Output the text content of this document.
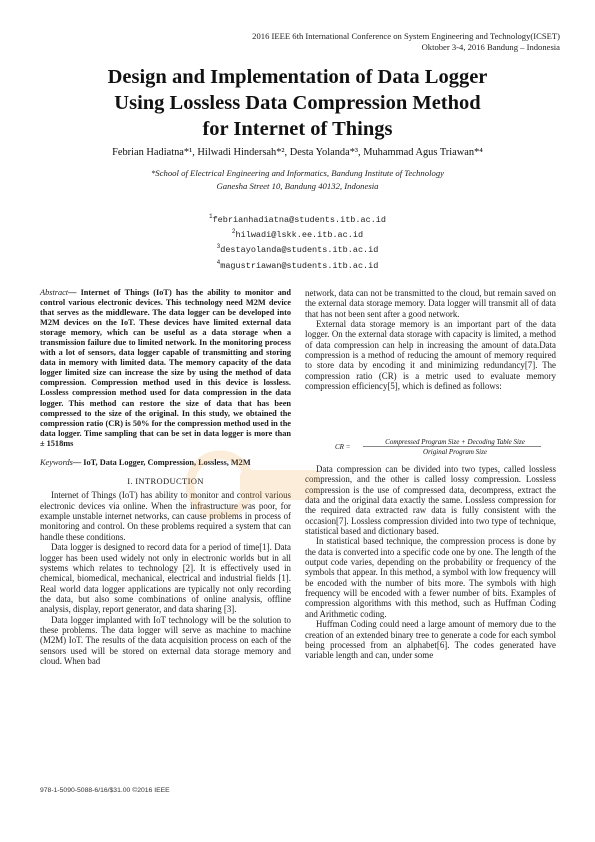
2016 IEEE 6th International Conference on System Engineering and Technology(ICSET)
Oktober 3-4, 2016 Bandung – Indonesia
Design and Implementation of Data Logger
Using Lossless Data Compression Method
for Internet of Things
Febrian Hadiatna*¹, Hilwadi Hindersah*², Desta Yolanda*³, Muhammad Agus Triawan*⁴
*School of Electrical Engineering and Informatics, Bandung Institute of Technology
Ganesha Street 10, Bandung 40132, Indonesia
$^1$febrianhadiatna@students.itb.ac.id
$^2$hilwadi@lskk.ee.itb.ac.id
$^3$destayolanda@students.itb.ac.id
$^4$magustriawan@students.itb.ac.id

Abstract— Internet of Things (IoT) has the ability to monitor and control various electronic devices. This technology need M2M device that serves as the middleware. The data logger can be developed into M2M devices on the IoT. These devices have limited external data storage memory, which can be useful as a data storage when a transmission failure due to limited network. In the monitoring process with a lot of sensors, data logger capable of transmitting and storing data in memory with limited data. The memory capacity of the data logger limited size can increase the size by using the method of data compression. Compression method used in this device is lossless. Lossless compression method used for data compression in the data logger. This method can restore the size of data that has been compressed to the size of the original. In this study, we obtained the compression ratio (CR) is 50% for the compression method used in the data logger. Time sampling that can be set in data logger is more than ± 1518ms

Keywords— IoT, Data Logger, Compression, Lossless, M2M

I. INTRODUCTION

Internet of Things (IoT) has ability to monitor and control various electronic devices via online. When the infrastructure was poor, for example unstable internet networks, can cause problems in process of monitoring and control. On these problems required a system that can handle these conditions.

Data logger is designed to record data for a period of time[1]. Data logger has been used widely not only in electronic worlds but in all systems which relates to technology [2]. It is effectively used in chemical, biomedical, mechanical, electrical and industrial fields [1]. Real world data logger applications are typically not only recording the data, but also some combinations of online analysis, offline analysis, display, report generator, and data sharing [3].

Data logger implanted with IoT technology will be the solution to these problems. The data logger will serve as machine to machine (M2M) IoT. The results of the data acquisition process on each of the sensors used will be stored on external data storage memory and cloud. When bad

network, data can not be transmitted to the cloud, but remain saved on the external data storage memory. Data logger will transmit all of data that has not been sent after a good network.

External data storage memory is an important part of the data logger. On the external data storage with capacity is limited, a method of data compression can help in increasing the amount of data.Data compression is a method of reducing the amount of memory required to store data by encoding it and minimizing redundancy[7]. The compression ratio (CR) is a metric used to evaluate memory compression efficiency[5], which is defined as follows:

CR =
Compressed Program Size + Decoding Table Size
Original Program Size

Data compression can be divided into two types, called lossless compression, and the other is called lossy compression. Lossless compression is the use of compressed data, decompress, extract the data and the original data exactly the same. Lossless compression for the required data extracted raw data is fully consistent with the occasion[7]. Lossless compression divided into two type of technique, statistical based and dictionary based.

In statistical based technique, the compression process is done by the data is converted into a specific code one by one. The length of the output code varies, depending on the probability or frequency of the symbols that appear. In this method, a symbol with low frequency will be encoded with the number of bits more. The symbols with high frequency will be encoded with a fewer number of bits. Examples of compression algorithms with this method, such as Huffman Coding and Arithmetic coding.

Huffman Coding could need a large amount of memory due to the creation of an extended binary tree to generate a code for each symbol being processed from an alphabet[6]. The codes generated have variable length and can, under some

978-1-5090-5088-6/16/$31.00 ©2016 IEEE
